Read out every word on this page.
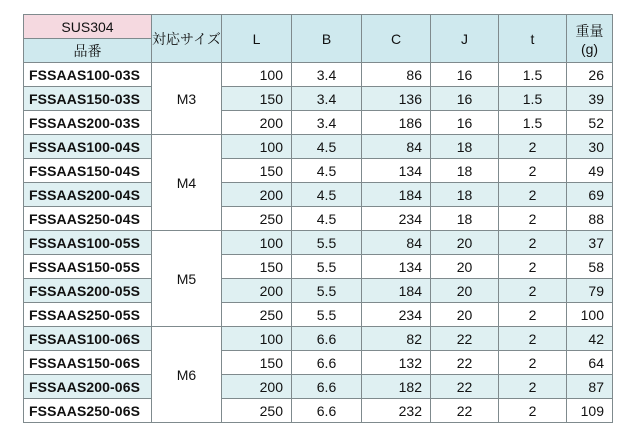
SUS304	対応サイズ	L	B	C	J	t	重量(g)
品番							
FSSAAS100-03S	M3	100	3.4	86	16	1.5	26
FSSAAS150-03S		150	3.4	136	16	1.5	39
FSSAAS200-03S		200	3.4	186	16	1.5	52
FSSAAS100-04S	M4	100	4.5	84	18	2	30
FSSAAS150-04S		150	4.5	134	18	2	49
FSSAAS200-04S		200	4.5	184	18	2	69
FSSAAS250-04S		250	4.5	234	18	2	88
FSSAAS100-05S	M5	100	5.5	84	20	2	37
FSSAAS150-05S		150	5.5	134	20	2	58
FSSAAS200-05S		200	5.5	184	20	2	79
FSSAAS250-05S		250	5.5	234	20	2	100
FSSAAS100-06S	M6	100	6.6	82	22	2	42
FSSAAS150-06S		150	6.6	132	22	2	64
FSSAAS200-06S		200	6.6	182	22	2	87
FSSAAS250-06S		250	6.6	232	22	2	109
